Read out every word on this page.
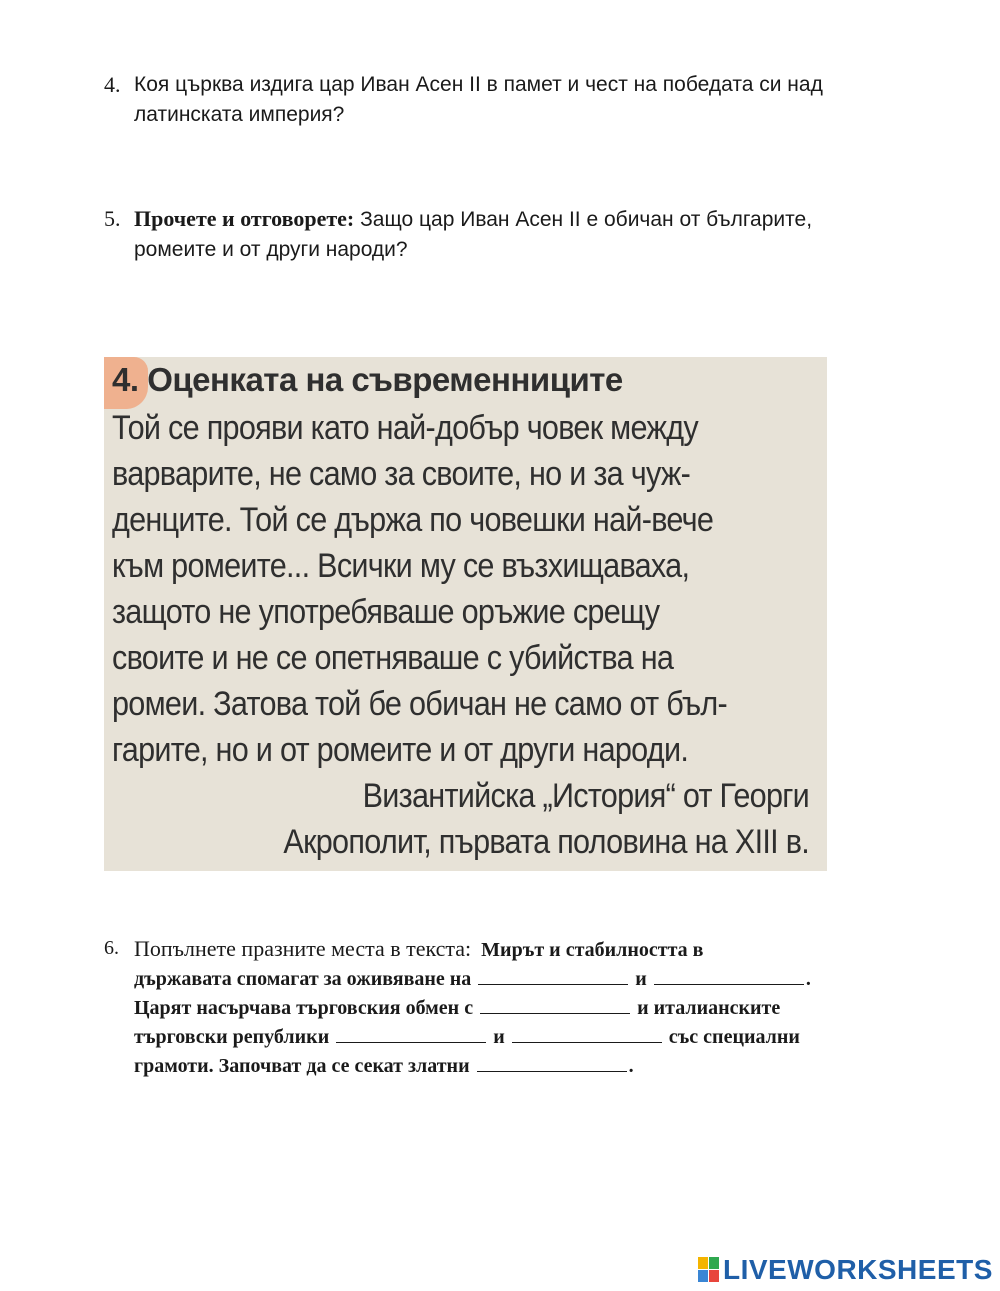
4. Коя църква издига цар Иван Асен II в памет и чест на победата си над
латинската империя?
5. Прочете и отговорете: Защо цар Иван Асен II е обичан от българите,
ромеите и от други народи?
4. Оценката на съвременниците
Той се прояви като най-добър човек между
варварите, не само за своите, но и за чуж-
денците. Той се държа по човешки най-вече
към ромеите... Всички му се възхищаваха,
защото не употребяваше оръжие срещу
своите и не се опетняваше с убийства на
ромеи. Затова той бе обичан не само от бъл-
гарите, но и от ромеите и от други народи.
Византийска „История“ от Георги
Акрополит, първата половина на XIII в.
6. Попълнете празните места в текста: Мирът и стабилността в
държавата спомагат за оживяване на	и	.
Царят насърчава търговския обмен с	и италианските
търговски републики	и	със специални
грамоти. Започват да се секат златни	.
LIVEWORKSHEETS
